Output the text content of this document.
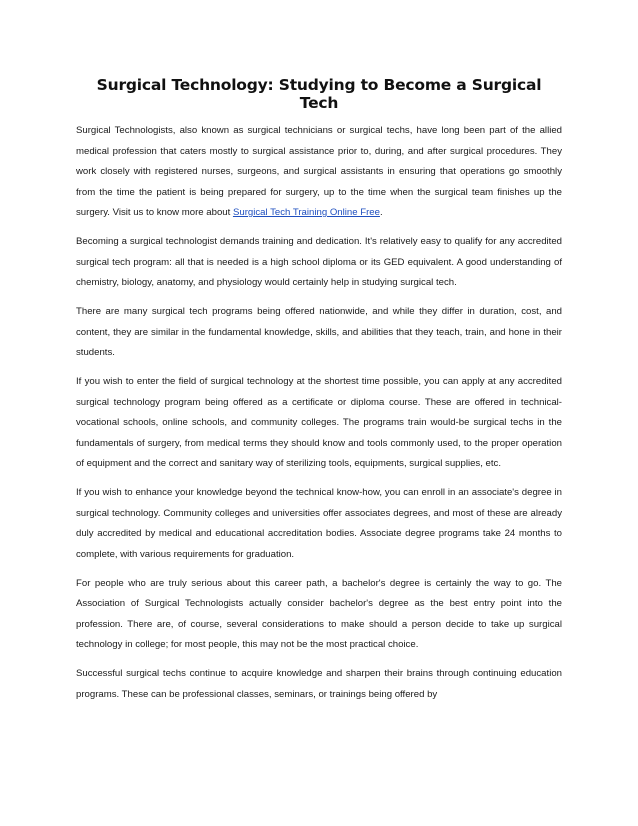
Surgical Technology: Studying to Become a Surgical Tech

Surgical Technologists, also known as surgical technicians or surgical techs, have long been part of the allied medical profession that caters mostly to surgical assistance prior to, during, and after surgical procedures. They work closely with registered nurses, surgeons, and surgical assistants in ensuring that operations go smoothly from the time the patient is being prepared for surgery, up to the time when the surgical team finishes up the surgery. Visit us to know more about Surgical Tech Training Online Free.

Becoming a surgical technologist demands training and dedication. It's relatively easy to qualify for any accredited surgical tech program: all that is needed is a high school diploma or its GED equivalent. A good understanding of chemistry, biology, anatomy, and physiology would certainly help in studying surgical tech.

There are many surgical tech programs being offered nationwide, and while they differ in duration, cost, and content, they are similar in the fundamental knowledge, skills, and abilities that they teach, train, and hone in their students.

If you wish to enter the field of surgical technology at the shortest time possible, you can apply at any accredited surgical technology program being offered as a certificate or diploma course. These are offered in technical-vocational schools, online schools, and community colleges. The programs train would-be surgical techs in the fundamentals of surgery, from medical terms they should know and tools commonly used, to the proper operation of equipment and the correct and sanitary way of sterilizing tools, equipments, surgical supplies, etc.

If you wish to enhance your knowledge beyond the technical know-how, you can enroll in an associate's degree in surgical technology. Community colleges and universities offer associates degrees, and most of these are already duly accredited by medical and educational accreditation bodies. Associate degree programs take 24 months to complete, with various requirements for graduation.

For people who are truly serious about this career path, a bachelor's degree is certainly the way to go. The Association of Surgical Technologists actually consider bachelor's degree as the best entry point into the profession. There are, of course, several considerations to make should a person decide to take up surgical technology in college; for most people, this may not be the most practical choice.

Successful surgical techs continue to acquire knowledge and sharpen their brains through continuing education programs. These can be professional classes, seminars, or trainings being offered by
